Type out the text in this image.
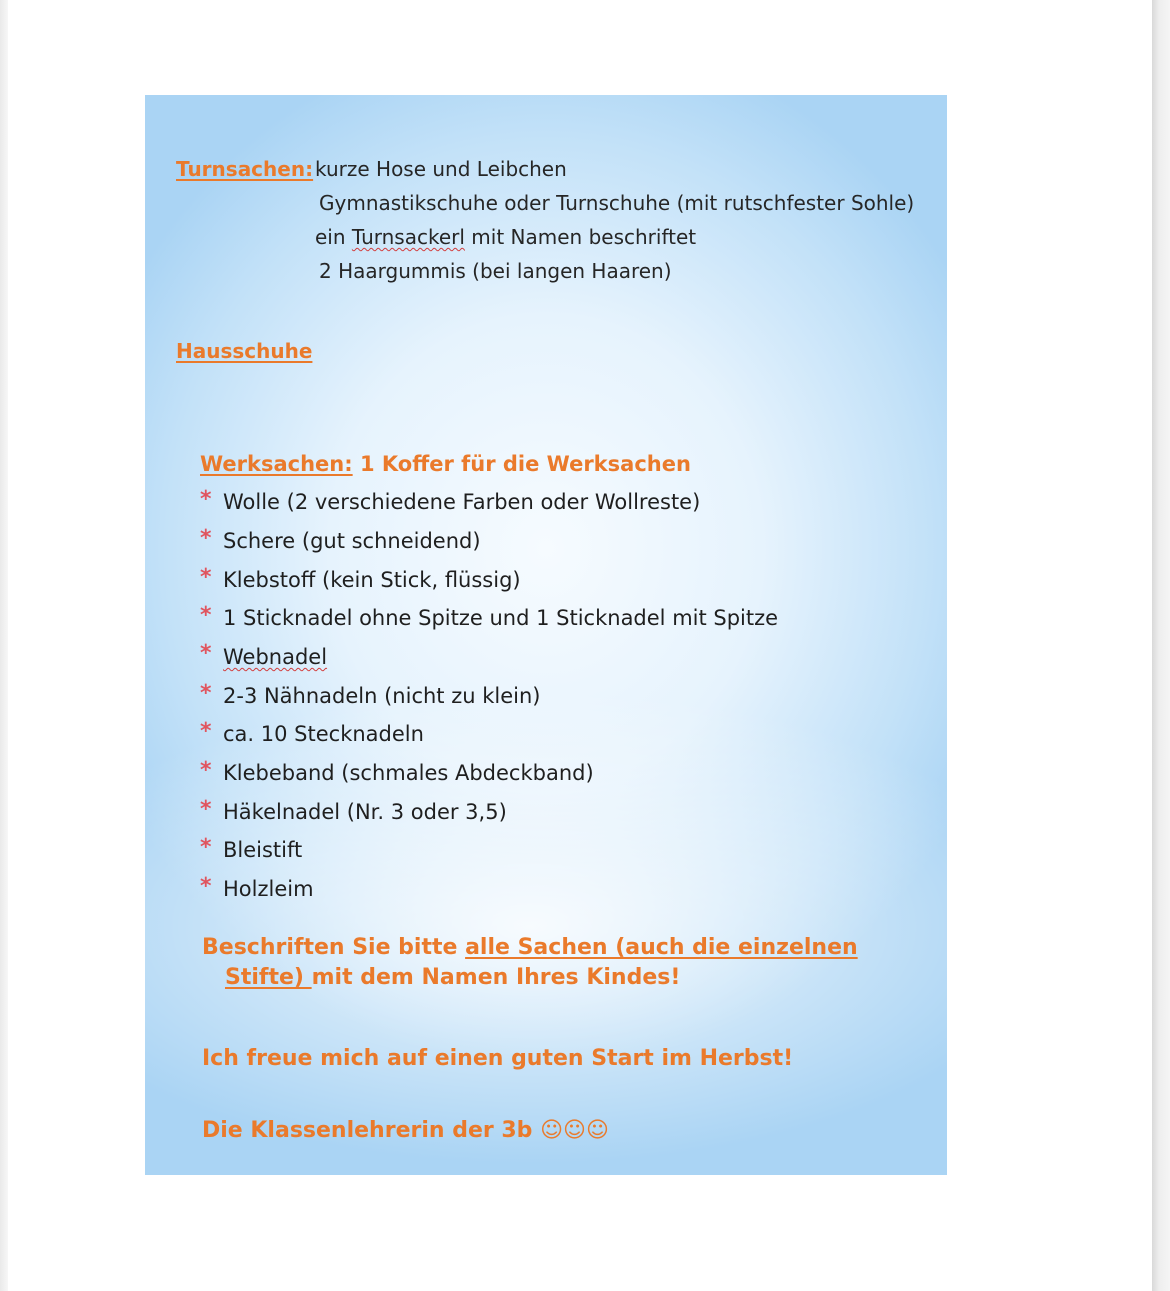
Turnsachen: kurze Hose und Leibchen
Gymnastikschuhe oder Turnschuhe (mit rutschfester Sohle)
ein Turnsackerl mit Namen beschriftet
2 Haargummis (bei langen Haaren)
Hausschuhe
Werksachen: 1 Koffer für die Werksachen
* Wolle (2 verschiedene Farben oder Wollreste)
* Schere (gut schneidend)
* Klebstoff (kein Stick, flüssig)
* 1 Sticknadel ohne Spitze und 1 Sticknadel mit Spitze
* Webnadel
* 2-3 Nähnadeln (nicht zu klein)
* ca. 10 Stecknadeln
* Klebeband (schmales Abdeckband)
* Häkelnadel (Nr. 3 oder 3,5)
* Bleistift
* Holzleim
Beschriften Sie bitte alle Sachen (auch die einzelnen
Stifte) mit dem Namen Ihres Kindes!
Ich freue mich auf einen guten Start im Herbst!
Die Klassenlehrerin der 3b ☺☺☺
